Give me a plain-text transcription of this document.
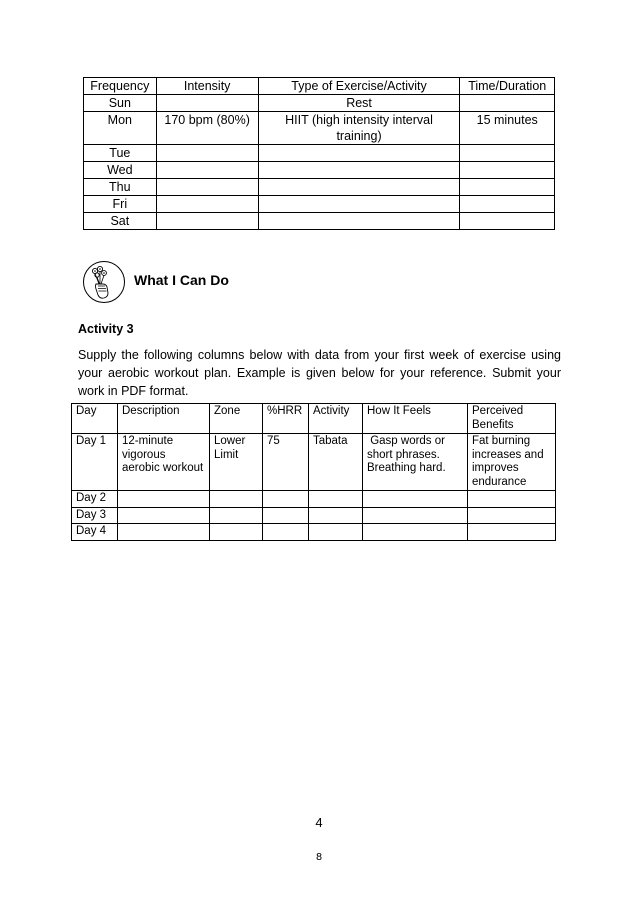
Frequency	Intensity	Type of Exercise/Activity	Time/Duration
Sun		Rest	
Mon	170 bpm (80%)	HIIT (high intensity interval training)	15 minutes
Tue			
Wed			
Thu			
Fri			
Sat			
What I Can Do
Activity 3

Supply the following columns below with data from your first week of exercise using your aerobic workout plan. Example is given below for your reference. Submit your work in PDF format.

Day	Description	Zone	%HRR	Activity	How It Feels	Perceived Benefits
Day 1	12-minute vigorous aerobic workout	Lower Limit	75	Tabata	Gasp words or short phrases. Breathing hard.	Fat burning increases and improves endurance
Day 2						
Day 3						
Day 4						
4
8
